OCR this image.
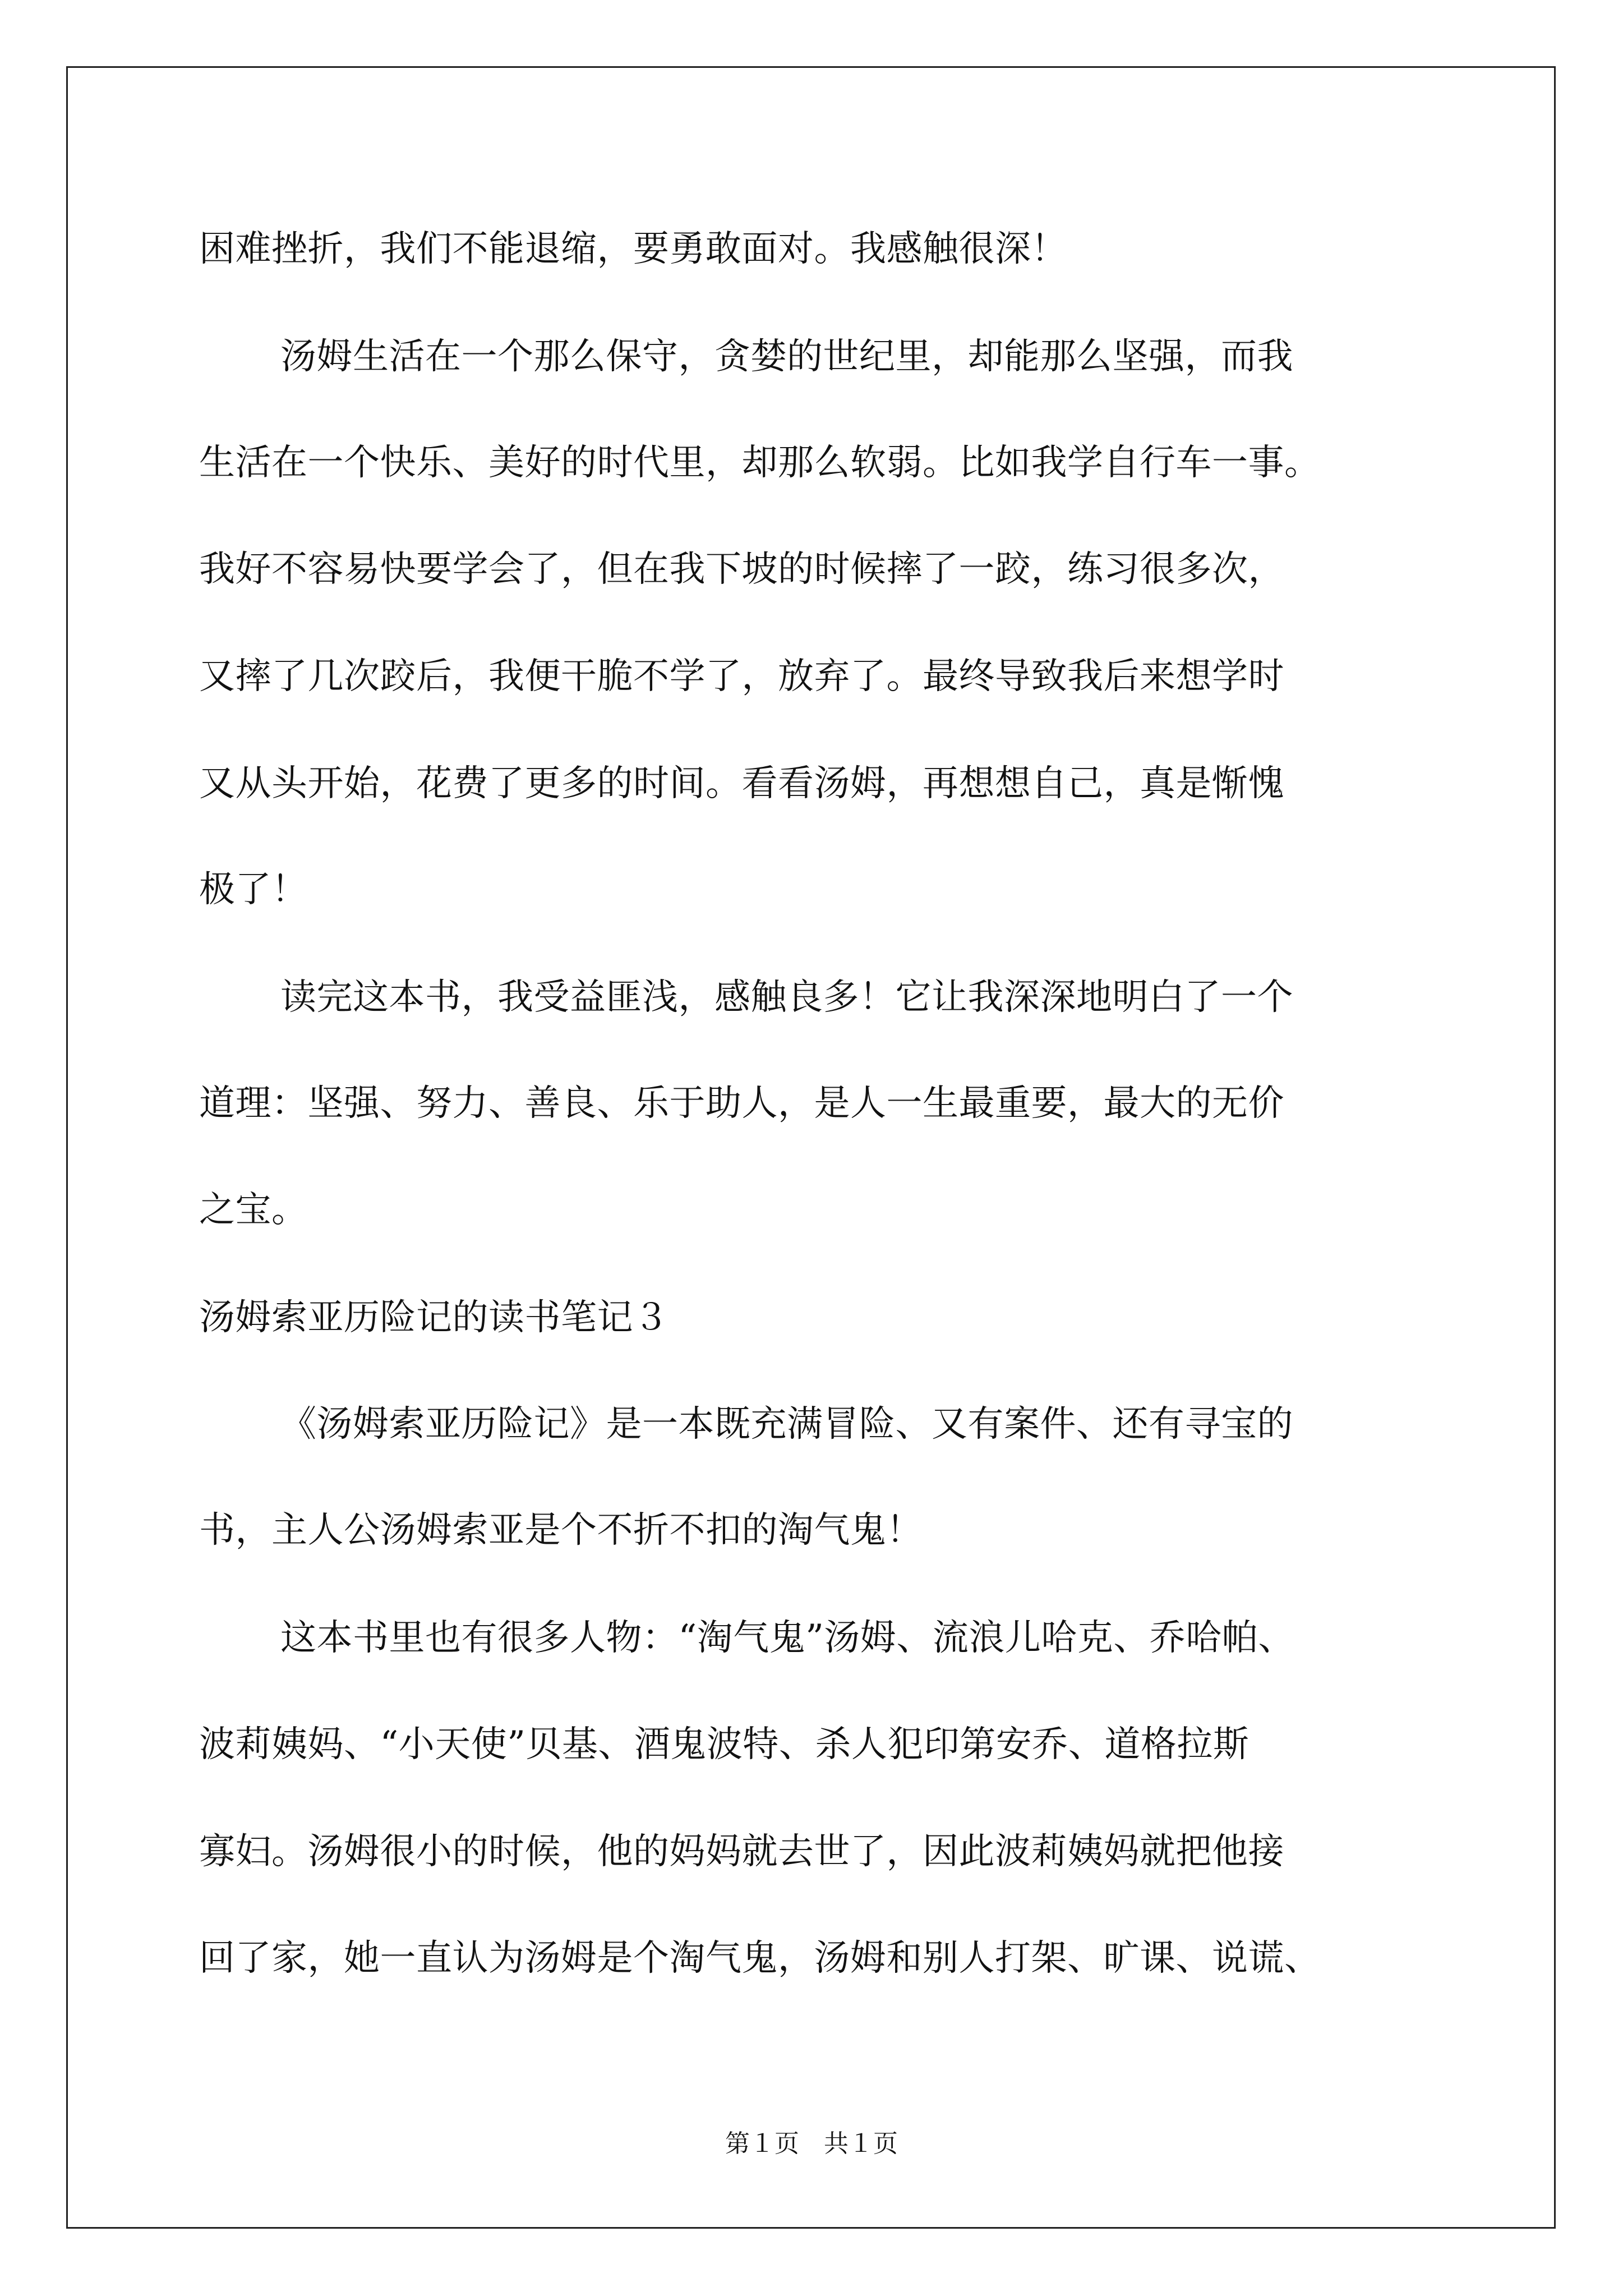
困难挫折，我们不能退缩，要勇敢面对。我感触很深！
汤姆生活在一个那么保守，贪婪的世纪里，却能那么坚强，而我
生活在一个快乐、美好的时代里，却那么软弱。比如我学自行车一事。
我好不容易快要学会了，但在我下坡的时候摔了一跤，练习很多次，
又摔了几次跤后，我便干脆不学了，放弃了。最终导致我后来想学时
又从头开始，花费了更多的时间。看看汤姆，再想想自己，真是惭愧
极了！
读完这本书，我受益匪浅，感触良多！它让我深深地明白了一个
道理：坚强、努力、善良、乐于助人，是人一生最重要，最大的无价
之宝。
汤姆索亚历险记的读书笔记３
《汤姆索亚历险记》是一本既充满冒险、又有案件、还有寻宝的
书，主人公汤姆索亚是个不折不扣的淘气鬼！
这本书里也有很多人物：“淘气鬼”汤姆、流浪儿哈克、乔哈帕、
波莉姨妈、“小天使”贝基、酒鬼波特、杀人犯印第安乔、道格拉斯
寡妇。汤姆很小的时候，他的妈妈就去世了，因此波莉姨妈就把他接
回了家，她一直认为汤姆是个淘气鬼，汤姆和别人打架、旷课、说谎、
第１页　共１页
